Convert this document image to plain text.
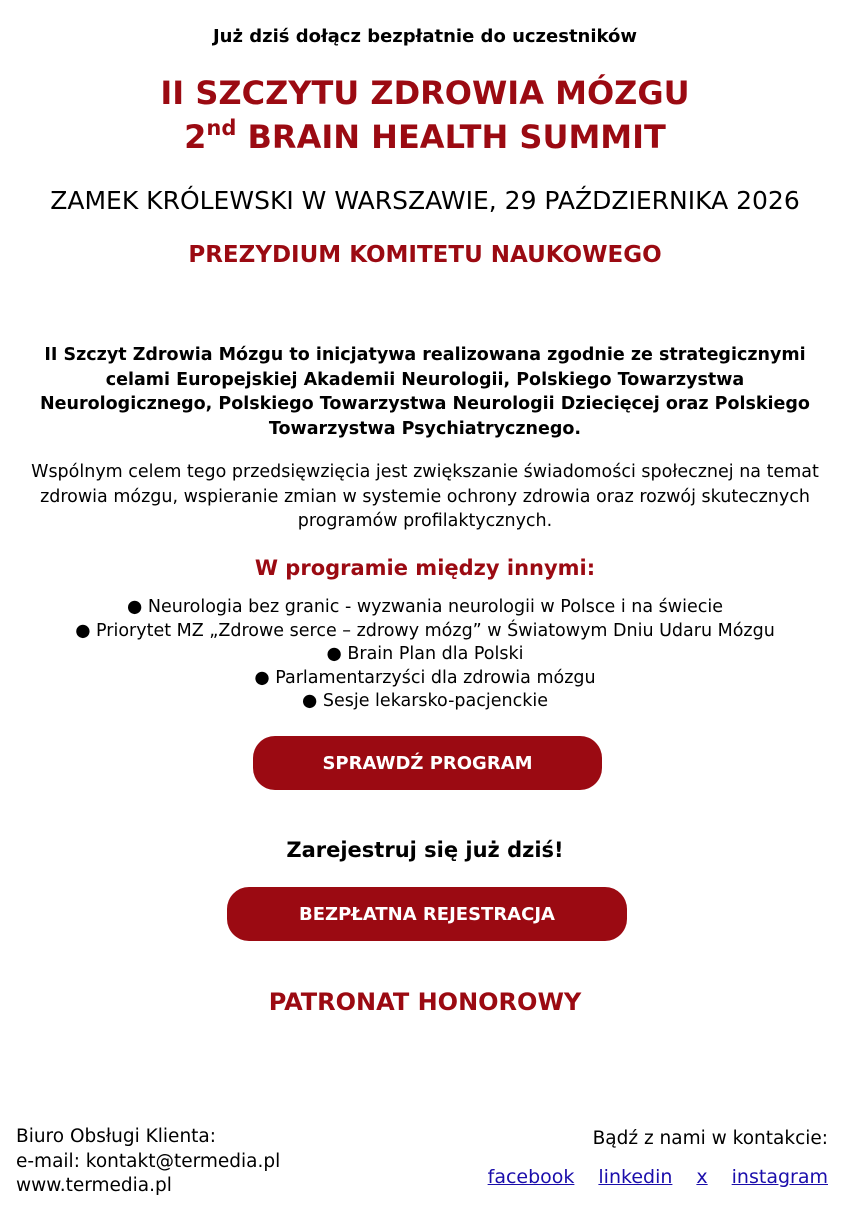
Już dziś dołącz bezpłatnie do uczestników
II SZCZYTU ZDROWIA MÓZGU
2nd BRAIN HEALTH SUMMIT
ZAMEK KRÓLEWSKI W WARSZAWIE, 29 PAŹDZIERNIKA 2026
PREZYDIUM KOMITETU NAUKOWEGO
II Szczyt Zdrowia Mózgu to inicjatywa realizowana zgodnie ze strategicznymi celami Europejskiej Akademii Neurologii, Polskiego Towarzystwa Neurologicznego, Polskiego Towarzystwa Neurologii Dziecięcej oraz Polskiego Towarzystwa Psychiatrycznego.
Wspólnym celem tego przedsięwzięcia jest zwiększanie świadomości społecznej na temat zdrowia mózgu, wspieranie zmian w systemie ochrony zdrowia oraz rozwój skutecznych programów profilaktycznych.
W programie między innymi:
● Neurologia bez granic - wyzwania neurologii w Polsce i na świecie
● Priorytet MZ „Zdrowe serce – zdrowy mózg” w Światowym Dniu Udaru Mózgu
● Brain Plan dla Polski
● Parlamentarzyści dla zdrowia mózgu
● Sesje lekarsko-pacjenckie
SPRAWDŹ PROGRAM
Zarejestruj się już dziś!
BEZPŁATNA REJESTRACJA
PATRONAT HONOROWY
Biuro Obsługi Klienta:
e-mail: kontakt@termedia.pl
www.termedia.pl
Bądź z nami w kontakcie:
facebook linkedin x instagram
